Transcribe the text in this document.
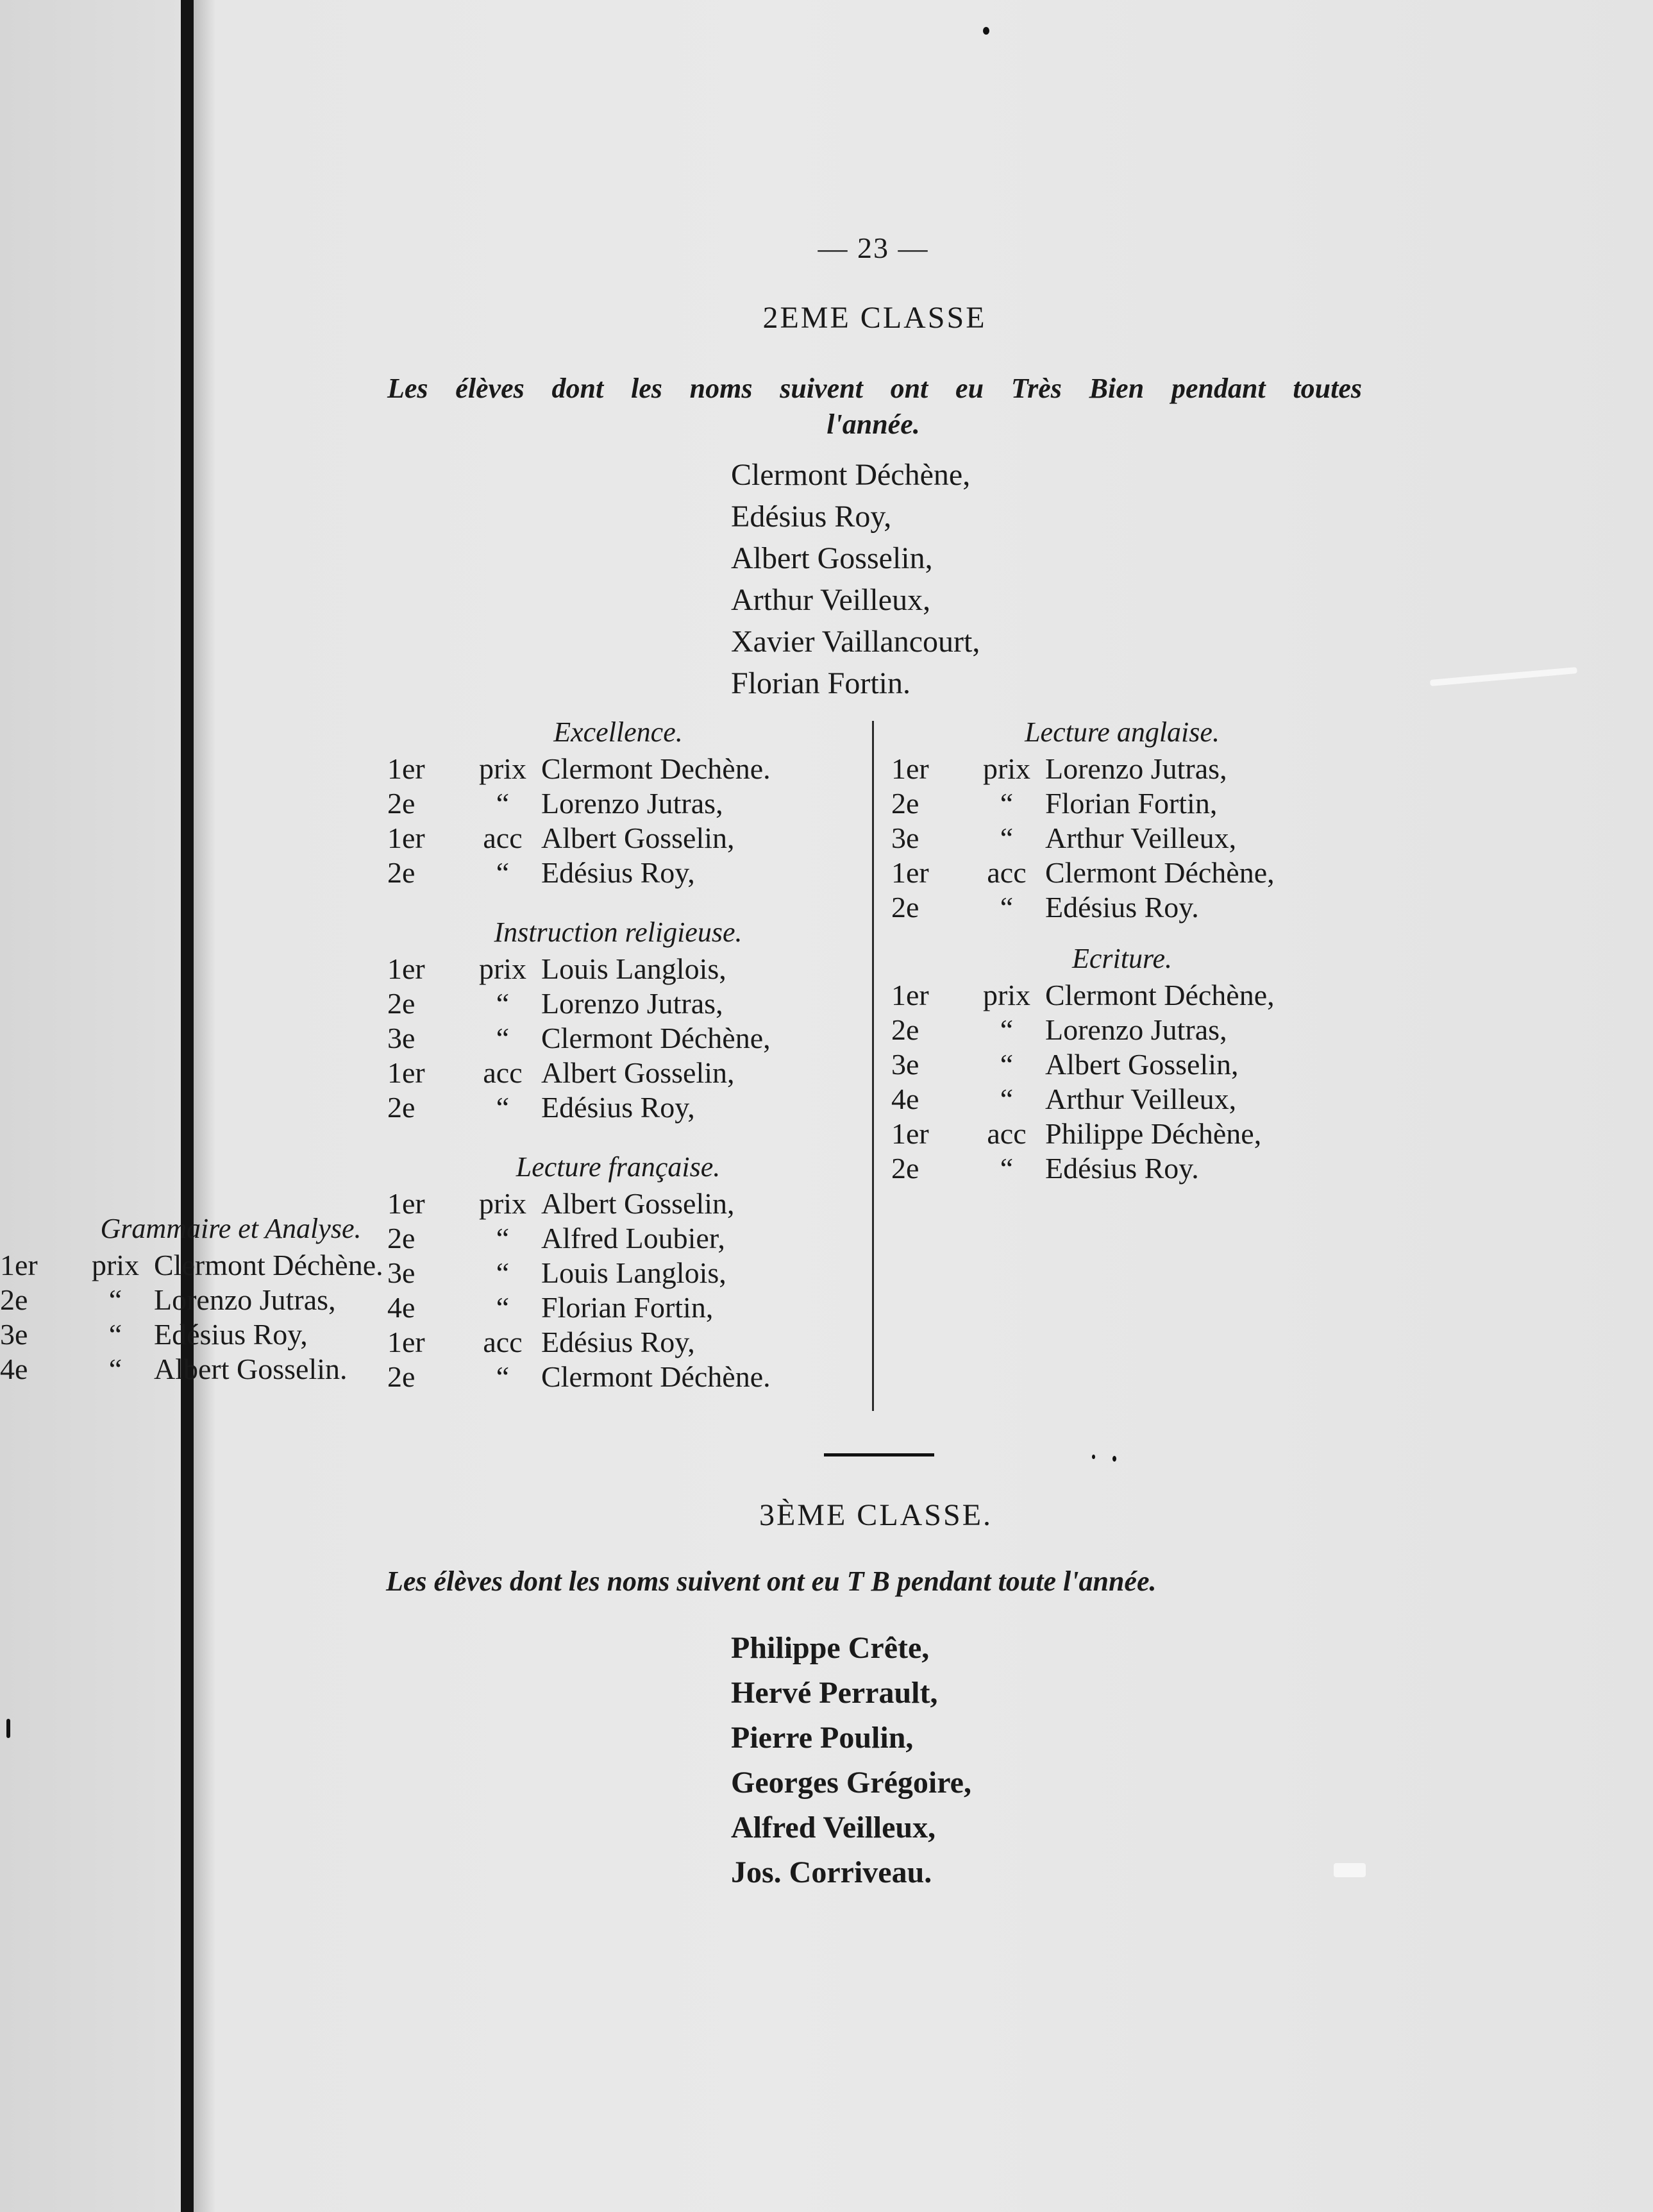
— 23 —
2EME CLASSE
Les élèves dont les noms suivent ont eu Très Bien pendant toutes
l'année.
Clermont Déchène,
Edésius Roy,
Albert Gosselin,
Arthur Veilleux,
Xavier Vaillancourt,
Florian Fortin.
Excellence.
1er	prix Clermont Dechène.
2e	“	Lorenzo Jutras,
1er	acc Albert Gosselin,
2e	“	Edésius Roy,
Instruction religieuse.
1er	prix Louis Langlois,
2e	“	Lorenzo Jutras,
3e	“	Clermont Déchène,
1er	acc Albert Gosselin,
2e	“	Edésius Roy,
Lecture française.
1er	prix Albert Gosselin,
2e	“	Alfred Loubier,
3e	“	Louis Langlois,
4e	“	Florian Fortin,
1er	acc Edésius Roy,
2e	“	Clermont Déchène.
Lecture anglaise.
1er	prix Lorenzo Jutras,
2e	“	Florian Fortin,
3e	“	Arthur Veilleux,
1er	acc Clermont Déchène,
2e	“	Edésius Roy.
Ecriture.
1er	prix Clermont Déchène,
2e	“	Lorenzo Jutras,
3e	“	Albert Gosselin,
4e	“	Arthur Veilleux,
1er	acc Philippe Déchène,
2e	“	Edésius Roy.
Grammaire et Analyse.
1er	prix Clermont Déchène.
2e	“	Lorenzo Jutras,
3e	“	Edésius Roy,
4e	“	Albert Gosselin.
3ÈME CLASSE.
Les élèves dont les noms suivent ont eu T B pendant toute l'année.
Philippe Crête,
Hervé Perrault,
Pierre Poulin,
Georges Grégoire,
Alfred Veilleux,
Jos. Corriveau.
